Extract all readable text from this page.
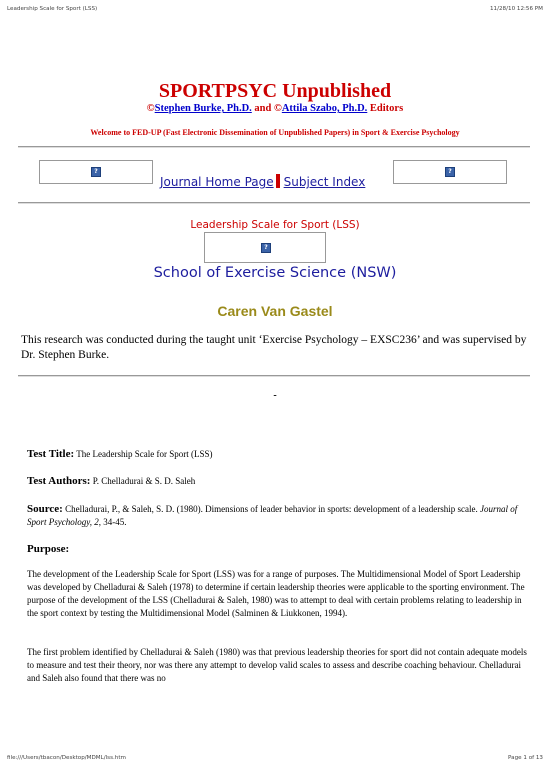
Leadership Scale for Sport (LSS)	11/28/10 12:56 PM
SPORTPSYC Unpublished
©Stephen Burke, Ph.D. and ©Attila Szabo, Ph.D. Editors
Welcome to FED-UP (Fast Electronic Dissemination of Unpublished Papers) in Sport & Exercise Psychology
?
Journal Home Page Subject Index
?
Leadership Scale for Sport (LSS)
?
School of Exercise Science (NSW)
Caren Van Gastel
This research was conducted during the taught unit ‘Exercise Psychology – EXSC236’ and was supervised by Dr. Stephen Burke.
-
Test Title: The Leadership Scale for Sport (LSS)
Test Authors: P. Chelladurai & S. D. Saleh
Source: Chelladurai, P., & Saleh, S. D. (1980). Dimensions of leader behavior in sports: development of a leadership scale. Journal of Sport Psychology, 2, 34-45.
Purpose:
The development of the Leadership Scale for Sport (LSS) was for a range of purposes. The Multidimensional Model of Sport Leadership was developed by Chelladurai & Saleh (1978) to determine if certain leadership theories were applicable to the sporting environment. The purpose of the development of the LSS (Chelladurai & Saleh, 1980) was to attempt to deal with certain problems relating to leadership in the sport context by testing the Multidimensional Model (Salminen & Liukkonen, 1994).
The first problem identified by Chelladurai & Saleh (1980) was that previous leadership theories for sport did not contain adequate models to measure and test their theory, nor was there any attempt to develop valid scales to assess and describe coaching behaviour. Chelladurai and Saleh also found that there was no
file:///Users/tbacon/Desktop/MDML/lss.htm	Page 1 of 13
